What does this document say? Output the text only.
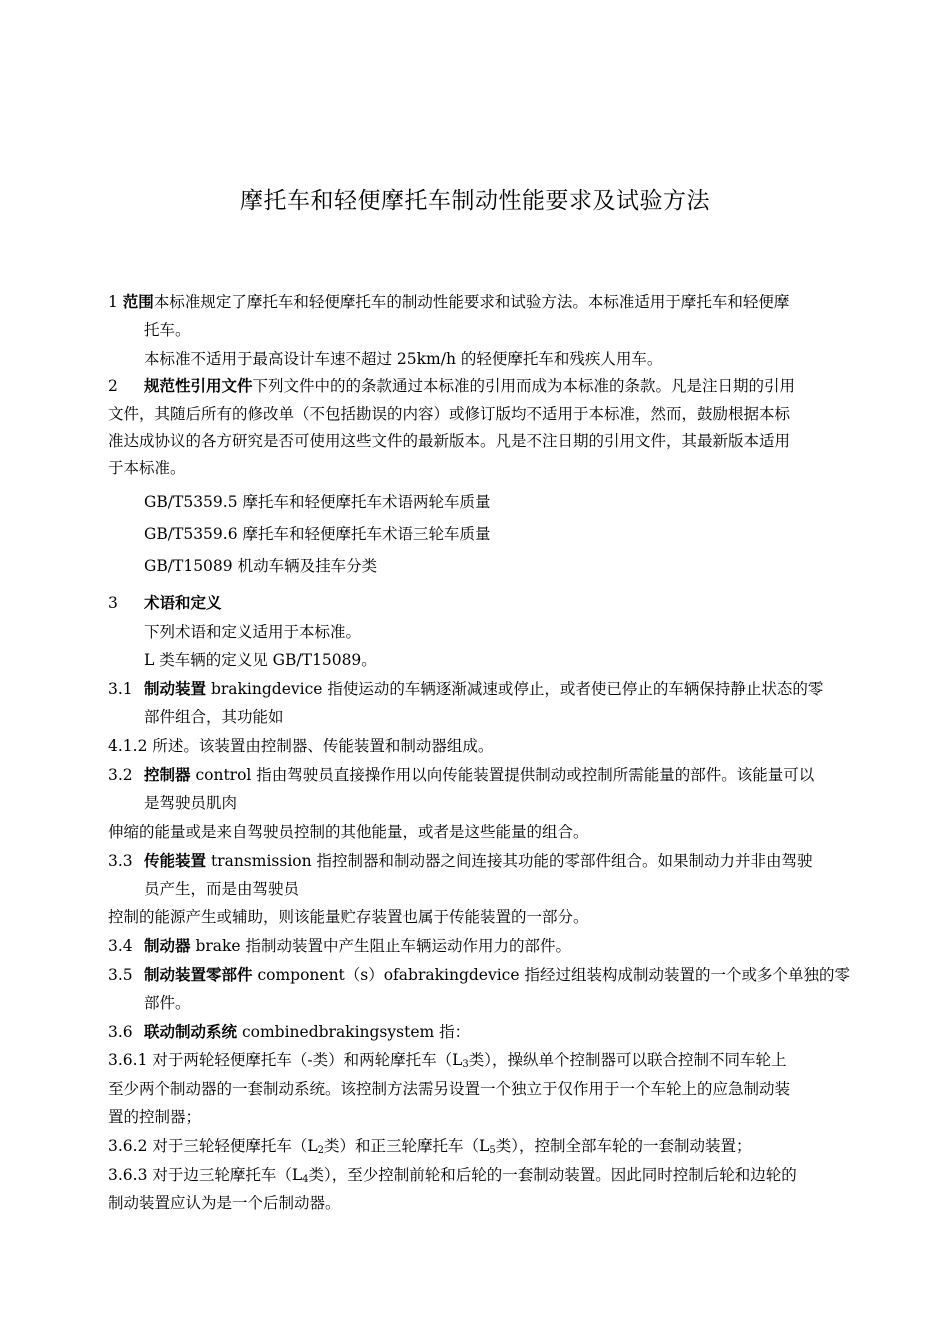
摩托车和轻便摩托车制动性能要求及试验方法
1 范围本标准规定了摩托车和轻便摩托车的制动性能要求和试验方法。本标准适用于摩托车和轻便摩
托车。
本标准不适用于最高设计车速不超过 25km/h 的轻便摩托车和残疾人用车。
2 规范性引用文件下列文件中的的条款通过本标准的引用而成为本标准的条款。凡是注日期的引用
文件，其随后所有的修改单（不包括勘误的内容）或修订版均不适用于本标准，然而，鼓励根据本标
准达成协议的各方研究是否可使用这些文件的最新版本。凡是不注日期的引用文件，其最新版本适用
于本标准。
GB/T5359.5 摩托车和轻便摩托车术语两轮车质量
GB/T5359.6 摩托车和轻便摩托车术语三轮车质量
GB/T15089 机动车辆及挂车分类
3 术语和定义
下列术语和定义适用于本标准。
L 类车辆的定义见 GB/T15089。
3.1 制动装置 brakingdevice 指使运动的车辆逐渐减速或停止，或者使已停止的车辆保持静止状态的零
部件组合，其功能如
4.1.2 所述。该装置由控制器、传能装置和制动器组成。
3.2 控制器 control 指由驾驶员直接操作用以向传能装置提供制动或控制所需能量的部件。该能量可以
是驾驶员肌肉
伸缩的能量或是来自驾驶员控制的其他能量，或者是这些能量的组合。
3.3 传能装置 transmission 指控制器和制动器之间连接其功能的零部件组合。如果制动力并非由驾驶
员产生，而是由驾驶员
控制的能源产生或辅助，则该能量贮存装置也属于传能装置的一部分。
3.4 制动器 brake 指制动装置中产生阻止车辆运动作用力的部件。
3.5 制动装置零部件 component（s）ofabrakingdevice 指经过组装构成制动装置的一个或多个单独的零
部件。
3.6 联动制动系统 combinedbrakingsystem 指：
3.6.1 对于两轮轻便摩托车（-类）和两轮摩托车（$L_3$类），操纵单个控制器可以联合控制不同车轮上
至少两个制动器的一套制动系统。该控制方法需另设置一个独立于仅作用于一个车轮上的应急制动装
置的控制器；
3.6.2 对于三轮轻便摩托车（$L_2$类）和正三轮摩托车（$L_5$类），控制全部车轮的一套制动装置；
3.6.3 对于边三轮摩托车（$L_4$类），至少控制前轮和后轮的一套制动装置。因此同时控制后轮和边轮的
制动装置应认为是一个后制动器。
